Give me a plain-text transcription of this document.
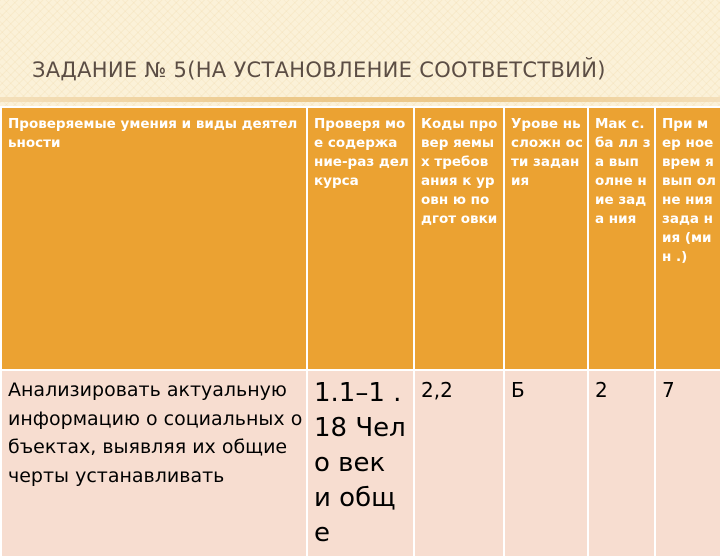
ЗАДАНИЕ № 5(НА УСТАНОВЛЕНИЕ СООТВЕТСТВИЙ)
Проверяемые умения и виды деятельности	Проверя мое содержа ние-раз дел курса	Коды провер яемых требов ания к уровн ю подгот овки	Урове нь сложн ости задан ия	Мак с.ба лл за вып олне ние зада ния	При мер ное врем я вып олне ния зада ния (мин .)
Анализировать актуальную информацию о социальных объектах, выявляя их общие черты устанавливать	1.1–1 .18 Чело век и обще	2,2	Б	2	7
